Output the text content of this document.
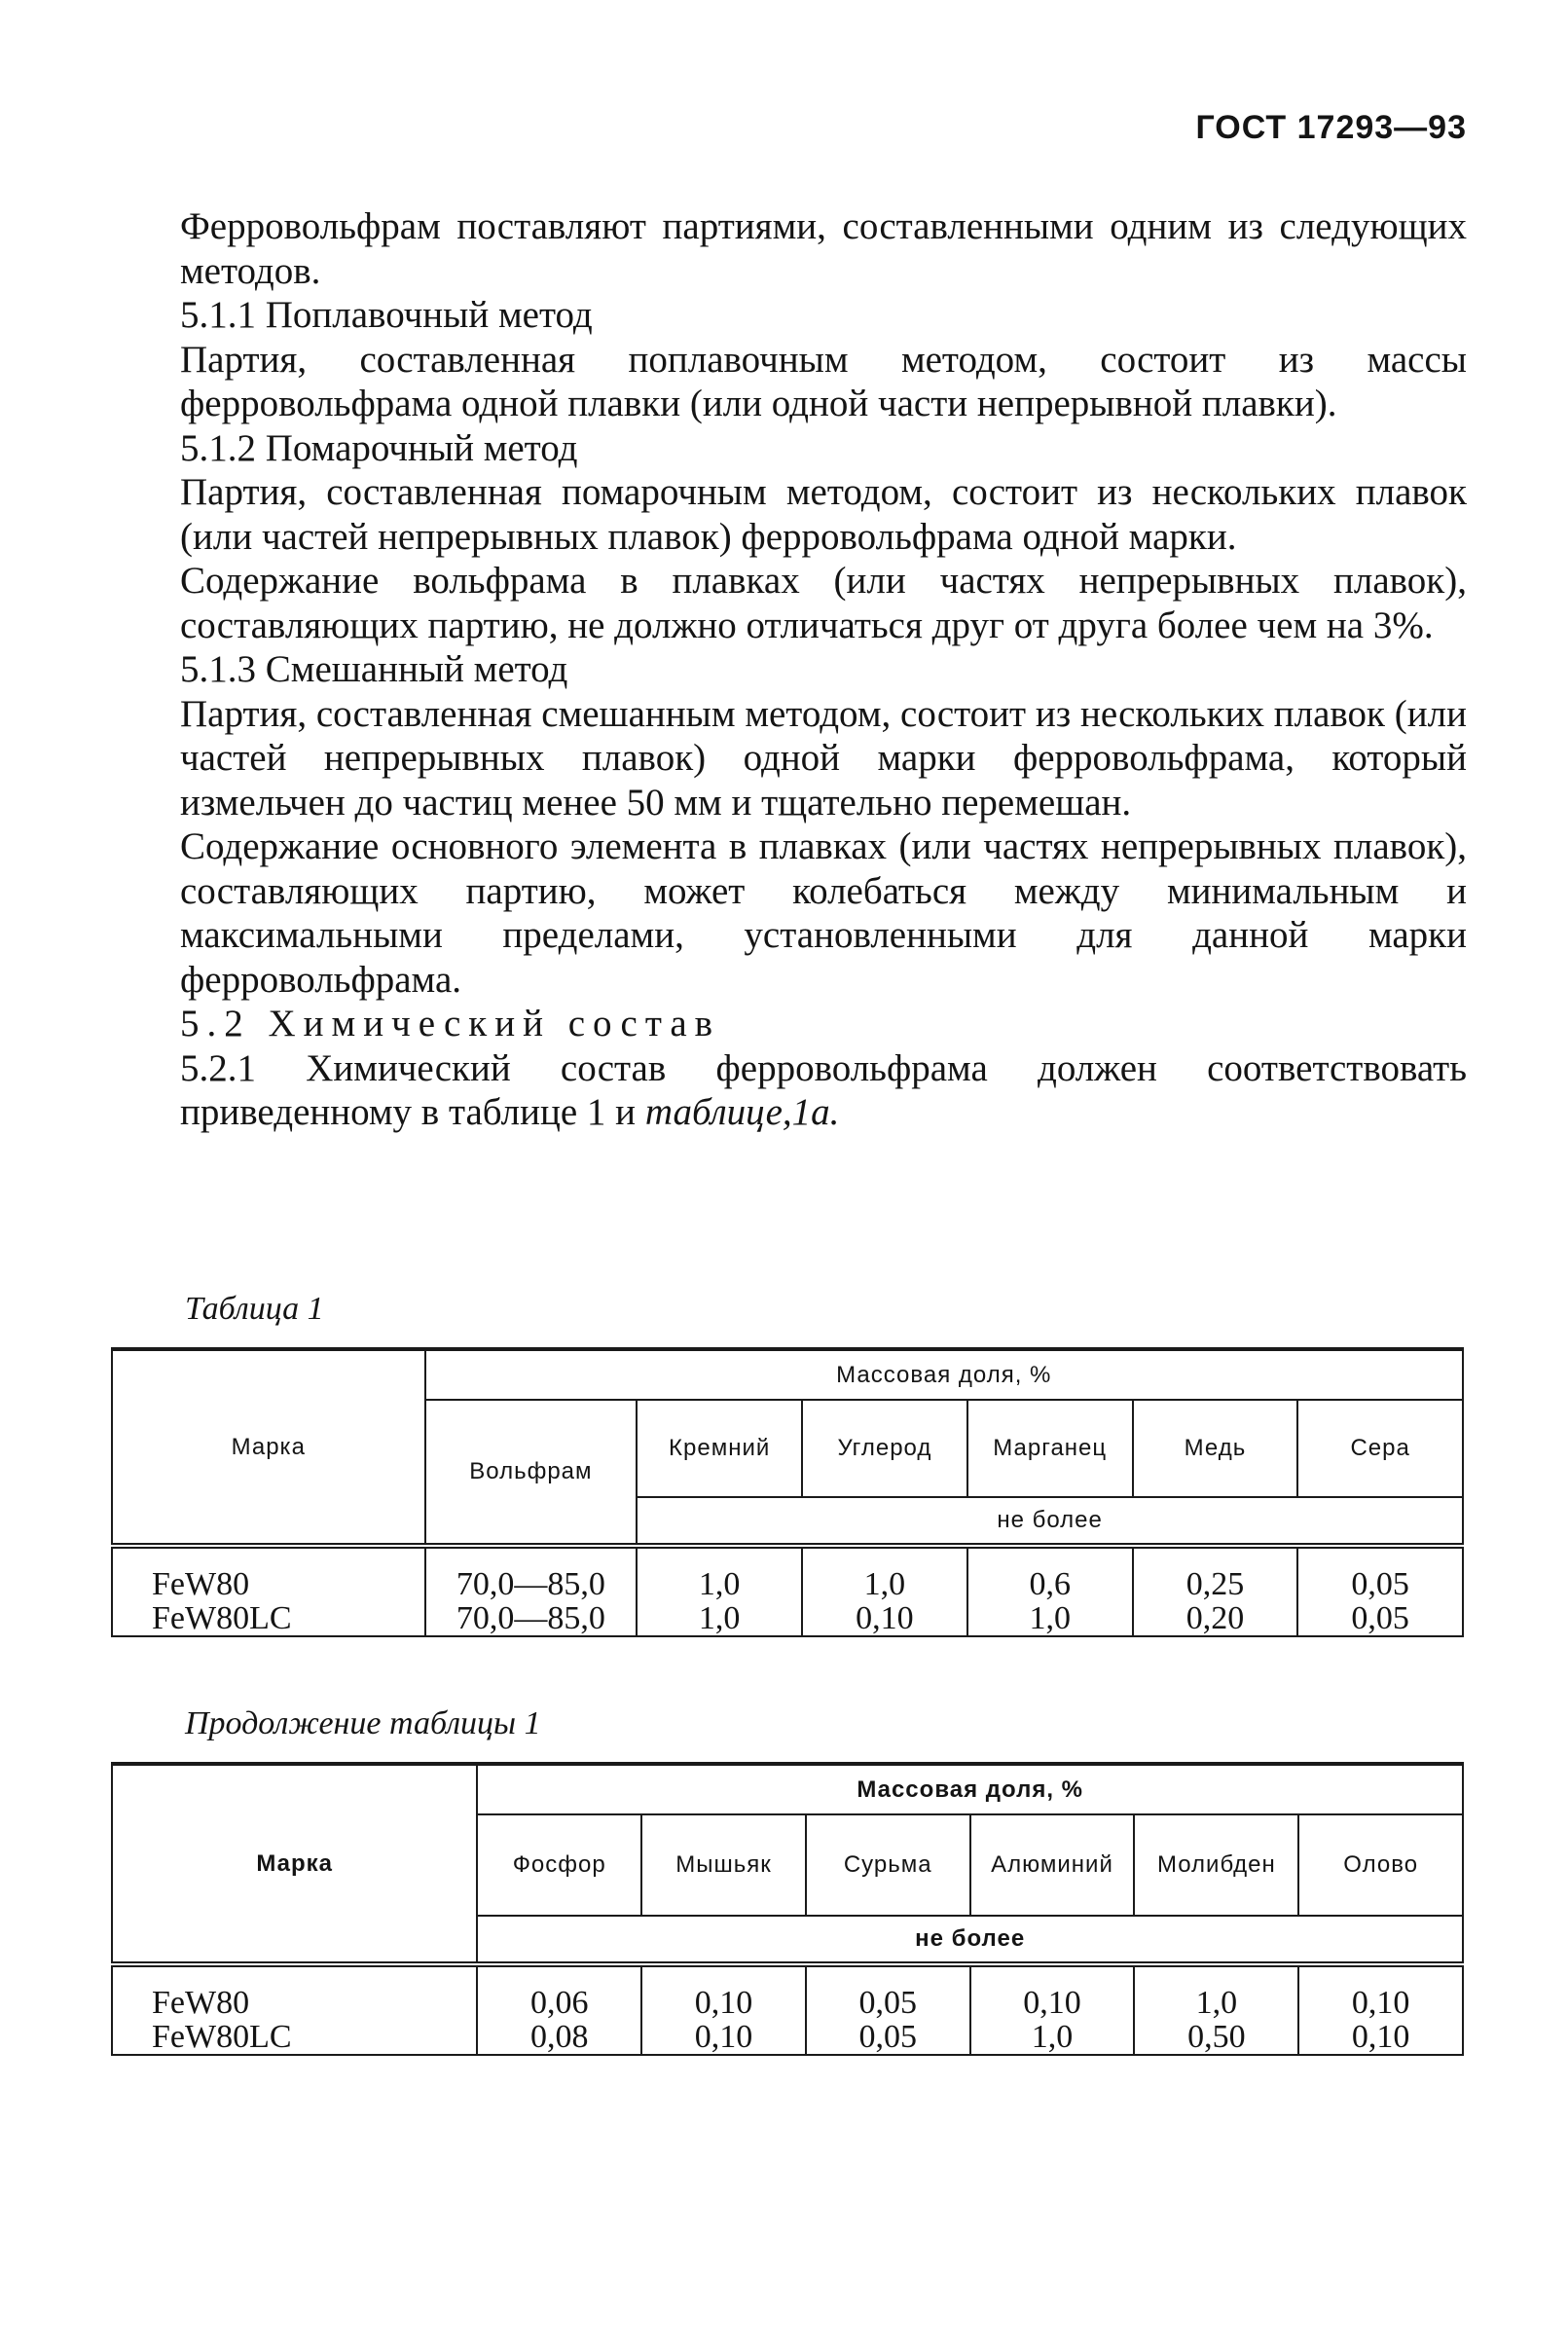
ГОСТ 17293—93

Ферровольфрам поставляют партиями, составленными одним из следующих методов.

5.1.1 Поплавочный метод

Партия, составленная поплавочным методом, состоит из массы ферровольфрама одной плавки (или одной части непрерывной плавки).

5.1.2 Помарочный метод

Партия, составленная помарочным методом, состоит из нескольких плавок (или частей непрерывных плавок) ферровольфрама одной марки.

Содержание вольфрама в плавках (или частях непрерывных плавок), составляющих партию, не должно отличаться друг от друга более чем на 3%.

5.1.3 Смешанный метод

Партия, составленная смешанным методом, состоит из нескольких плавок (или частей непрерывных плавок) одной марки ферровольфрама, который измельчен до частиц менее 50 мм и тщательно перемешан.

Содержание основного элемента в плавках (или частях непрерывных плавок), составляющих партию, может колебаться между минимальным и максимальными пределами, установленными для данной марки ферровольфрама.

5.2 Химический состав

5.2.1 Химический состав ферровольфрама должен соответствовать приведенному в таблице 1 и таблице,1а.

Таблица 1
Марка	Массовая доля, %					
	Вольфрам	Кремний	Углерод	Марганец	Медь	Сера
		не более				
FeW80	70,0—85,0	1,0	1,0	0,6	0,25	0,05
FeW80LC	70,0—85,0	1,0	0,10	1,0	0,20	0,05
Продолжение таблицы 1
Марка	Массовая доля, %					
	Фосфор	Мышьяк	Сурьма	Алюминий	Молибден	Олово
	не более					
FeW80	0,06	0,10	0,05	0,10	1,0	0,10
FeW80LC	0,08	0,10	0,05	1,0	0,50	0,10
